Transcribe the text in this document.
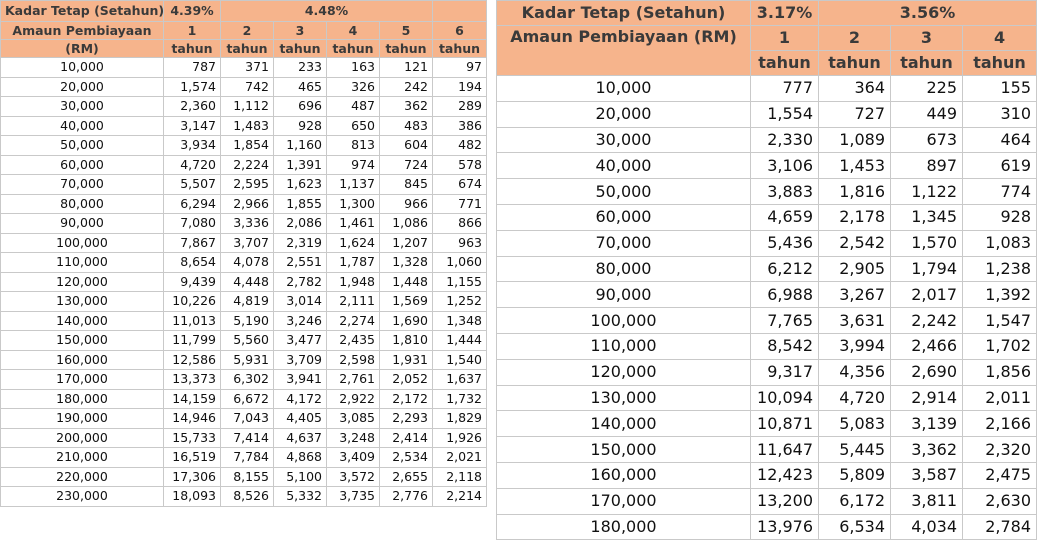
Kadar Tetap (Setahun)	4.39%	4.48%				
Amaun Pembiayaan	1	2	3	4	5	6
(RM)	tahun	tahun	tahun	tahun	tahun	tahun
10,000	787	371	233	163	121	97
20,000	1,574	742	465	326	242	194
30,000	2,360	1,112	696	487	362	289
40,000	3,147	1,483	928	650	483	386
50,000	3,934	1,854	1,160	813	604	482
60,000	4,720	2,224	1,391	974	724	578
70,000	5,507	2,595	1,623	1,137	845	674
80,000	6,294	2,966	1,855	1,300	966	771
90,000	7,080	3,336	2,086	1,461	1,086	866
100,000	7,867	3,707	2,319	1,624	1,207	963
110,000	8,654	4,078	2,551	1,787	1,328	1,060
120,000	9,439	4,448	2,782	1,948	1,448	1,155
130,000	10,226	4,819	3,014	2,111	1,569	1,252
140,000	11,013	5,190	3,246	2,274	1,690	1,348
150,000	11,799	5,560	3,477	2,435	1,810	1,444
160,000	12,586	5,931	3,709	2,598	1,931	1,540
170,000	13,373	6,302	3,941	2,761	2,052	1,637
180,000	14,159	6,672	4,172	2,922	2,172	1,732
190,000	14,946	7,043	4,405	3,085	2,293	1,829
200,000	15,733	7,414	4,637	3,248	2,414	1,926
210,000	16,519	7,784	4,868	3,409	2,534	2,021
220,000	17,306	8,155	5,100	3,572	2,655	2,118
230,000	18,093	8,526	5,332	3,735	2,776	2,214
Kadar Tetap (Setahun)	3.17%	3.56%		
Amaun Pembiayaan (RM)	1	2	3	4
	tahun	tahun	tahun	tahun
10,000	777	364	225	155
20,000	1,554	727	449	310
30,000	2,330	1,089	673	464
40,000	3,106	1,453	897	619
50,000	3,883	1,816	1,122	774
60,000	4,659	2,178	1,345	928
70,000	5,436	2,542	1,570	1,083
80,000	6,212	2,905	1,794	1,238
90,000	6,988	3,267	2,017	1,392
100,000	7,765	3,631	2,242	1,547
110,000	8,542	3,994	2,466	1,702
120,000	9,317	4,356	2,690	1,856
130,000	10,094	4,720	2,914	2,011
140,000	10,871	5,083	3,139	2,166
150,000	11,647	5,445	3,362	2,320
160,000	12,423	5,809	3,587	2,475
170,000	13,200	6,172	3,811	2,630
180,000	13,976	6,534	4,034	2,784
